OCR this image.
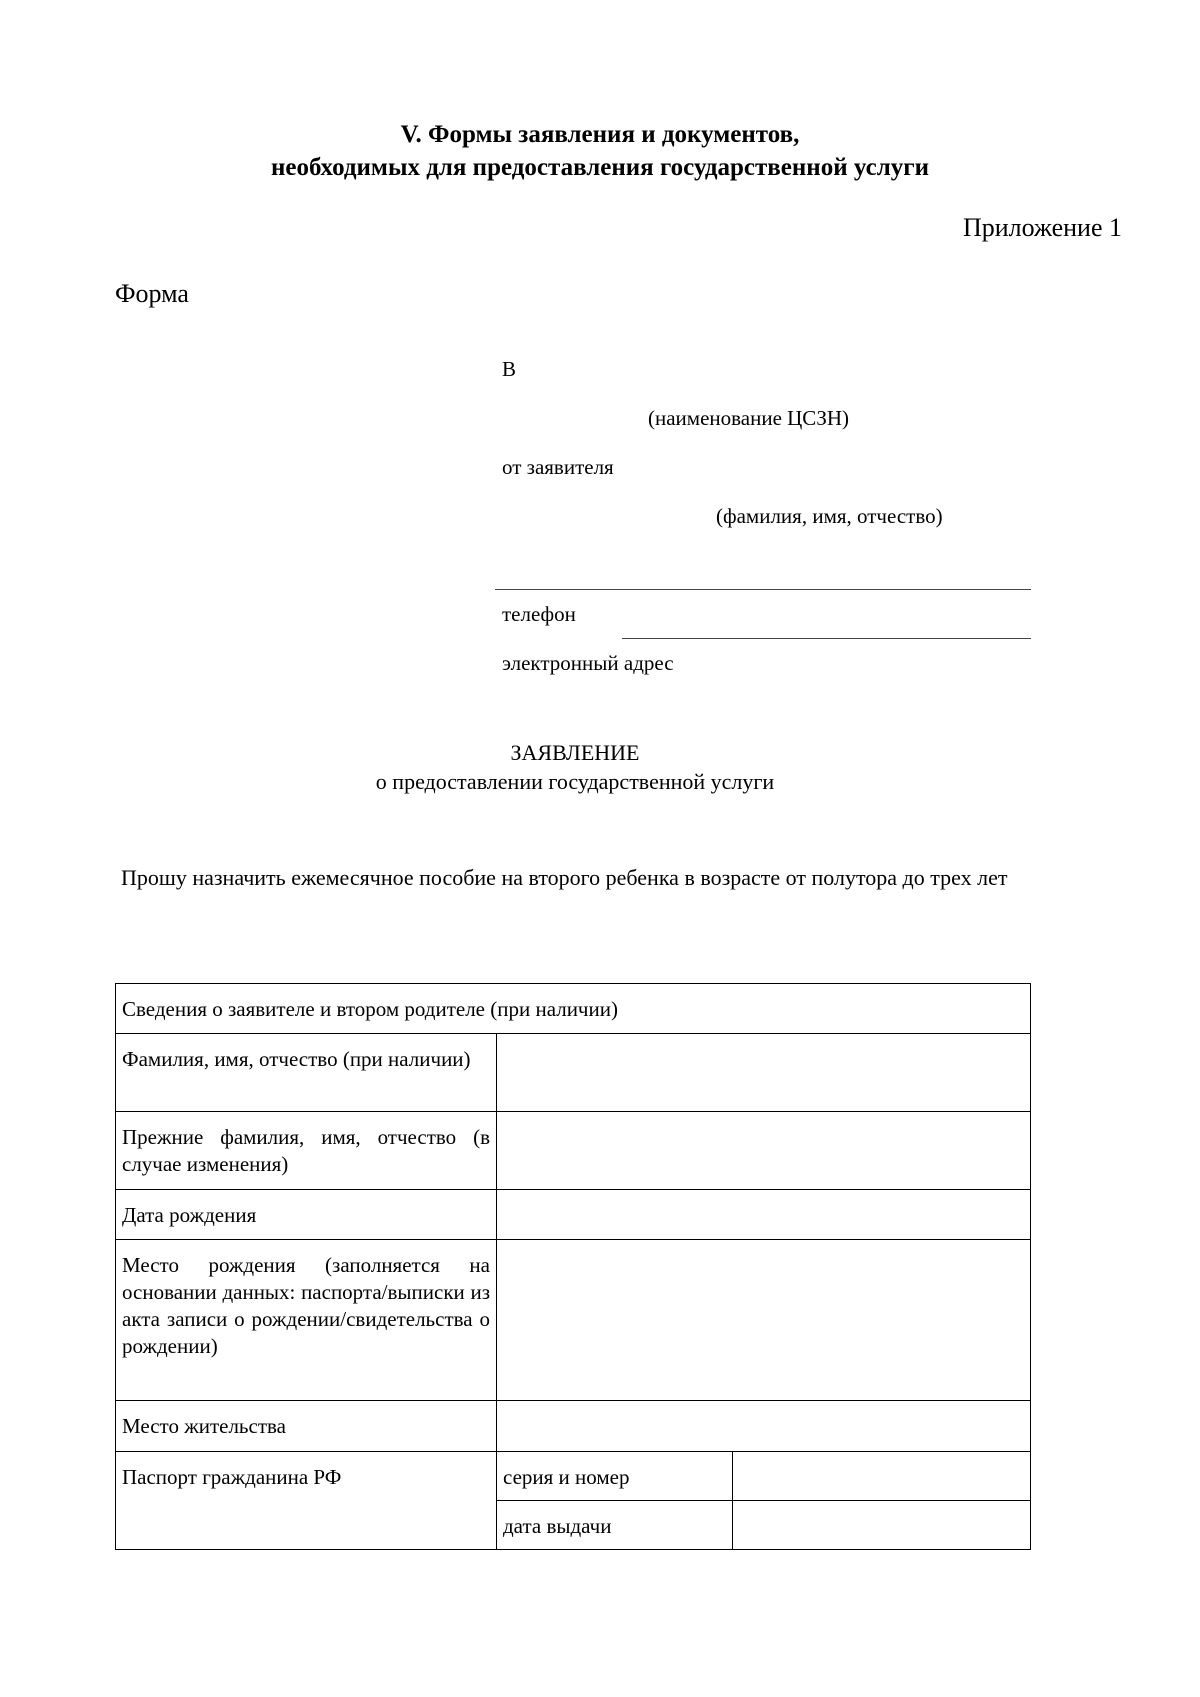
V. Формы заявления и документов,
необходимых для предоставления государственной услуги
Приложение 1
Форма
В
(наименование ЦСЗН)
от заявителя
(фамилия, имя, отчество)
телефон
электронный адрес
ЗАЯВЛЕНИЕ
о предоставлении государственной услуги
Прошу назначить ежемесячное пособие на второго ребенка в возрасте от полутора до трех лет
Сведения о заявителе и втором родителе (при наличии)		
Фамилия, имя, отчество (при наличии)		
Прежние фамилия, имя, отчество (в случае изменения)		
Дата рождения		
Место рождения (заполняется на основании данных: паспорта/выписки из акта записи о рождении/свидетельства о рождении)		
Место жительства		
Паспорт гражданина РФ	серия и номер	
	дата выдачи	
